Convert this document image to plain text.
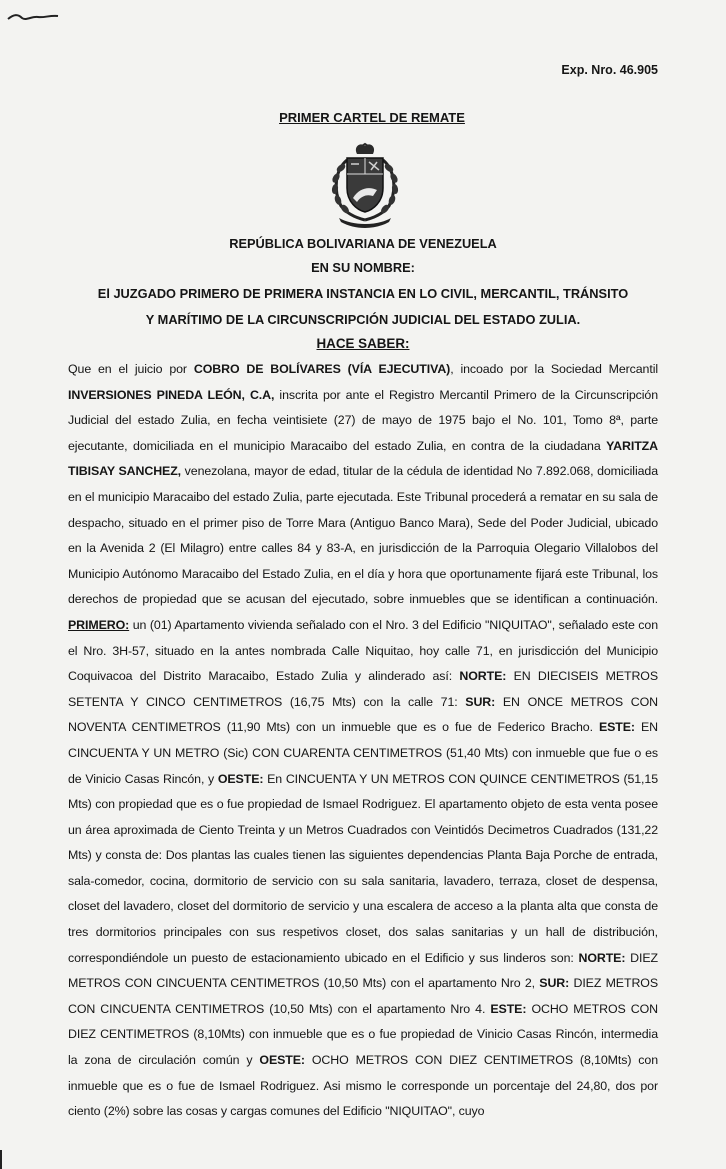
Exp. Nro. 46.905
PRIMER CARTEL DE REMATE
REPÚBLICA BOLIVARIANA DE VENEZUELA
EN SU NOMBRE:
El JUZGADO PRIMERO DE PRIMERA INSTANCIA EN LO CIVIL, MERCANTIL, TRÁNSITO
Y MARÍTIMO DE LA CIRCUNSCRIPCIÓN JUDICIAL DEL ESTADO ZULIA.
HACE SABER:
Que en el juicio por COBRO DE BOLÍVARES (VÍA EJECUTIVA), incoado por la Sociedad Mercantil INVERSIONES PINEDA LEÓN, C.A, inscrita por ante el Registro Mercantil Primero de la Circunscripción Judicial del estado Zulia, en fecha veintisiete (27) de mayo de 1975 bajo el No. 101, Tomo 8ª, parte ejecutante, domiciliada en el municipio Maracaibo del estado Zulia, en contra de la ciudadana YARITZA TIBISAY SANCHEZ, venezolana, mayor de edad, titular de la cédula de identidad No 7.892.068, domiciliada en el municipio Maracaibo del estado Zulia, parte ejecutada. Este Tribunal procederá a rematar en su sala de despacho, situado en el primer piso de Torre Mara (Antiguo Banco Mara), Sede del Poder Judicial, ubicado en la Avenida 2 (El Milagro) entre calles 84 y 83-A, en jurisdicción de la Parroquia Olegario Villalobos del Municipio Autónomo Maracaibo del Estado Zulia, en el día y hora que oportunamente fijará este Tribunal, los derechos de propiedad que se acusan del ejecutado, sobre inmuebles que se identifican a continuación. PRIMERO: un (01) Apartamento vivienda señalado con el Nro. 3 del Edificio "NIQUITAO", señalado este con el Nro. 3H-57, situado en la antes nombrada Calle Niquitao, hoy calle 71, en jurisdicción del Municipio Coquivacoa del Distrito Maracaibo, Estado Zulia y alinderado así: NORTE: EN DIECISEIS METROS SETENTA Y CINCO CENTIMETROS (16,75 Mts) con la calle 71: SUR: EN ONCE METROS CON NOVENTA CENTIMETROS (11,90 Mts) con un inmueble que es o fue de Federico Bracho. ESTE: EN CINCUENTA Y UN METRO (Sic) CON CUARENTA CENTIMETROS (51,40 Mts) con inmueble que fue o es de Vinicio Casas Rincón, y OESTE: En CINCUENTA Y UN METROS CON QUINCE CENTIMETROS (51,15 Mts) con propiedad que es o fue propiedad de Ismael Rodriguez. El apartamento objeto de esta venta posee un área aproximada de Ciento Treinta y un Metros Cuadrados con Veintidós Decimetros Cuadrados (131,22 Mts) y consta de: Dos plantas las cuales tienen las siguientes dependencias Planta Baja Porche de entrada, sala-comedor, cocina, dormitorio de servicio con su sala sanitaria, lavadero, terraza, closet de despensa, closet del lavadero, closet del dormitorio de servicio y una escalera de acceso a la planta alta que consta de tres dormitorios principales con sus respetivos closet, dos salas sanitarias y un hall de distribución, correspondiéndole un puesto de estacionamiento ubicado en el Edificio y sus linderos son: NORTE: DIEZ METROS CON CINCUENTA CENTIMETROS (10,50 Mts) con el apartamento Nro 2, SUR: DIEZ METROS CON CINCUENTA CENTIMETROS (10,50 Mts) con el apartamento Nro 4. ESTE: OCHO METROS CON DIEZ CENTIMETROS (8,10Mts) con inmueble que es o fue propiedad de Vinicio Casas Rincón, intermedia la zona de circulación común y OESTE: OCHO METROS CON DIEZ CENTIMETROS (8,10Mts) con inmueble que es o fue de Ismael Rodriguez. Asi mismo le corresponde un porcentaje del 24,80, dos por ciento (2%) sobre las cosas y cargas comunes del Edificio "NIQUITAO", cuyo
